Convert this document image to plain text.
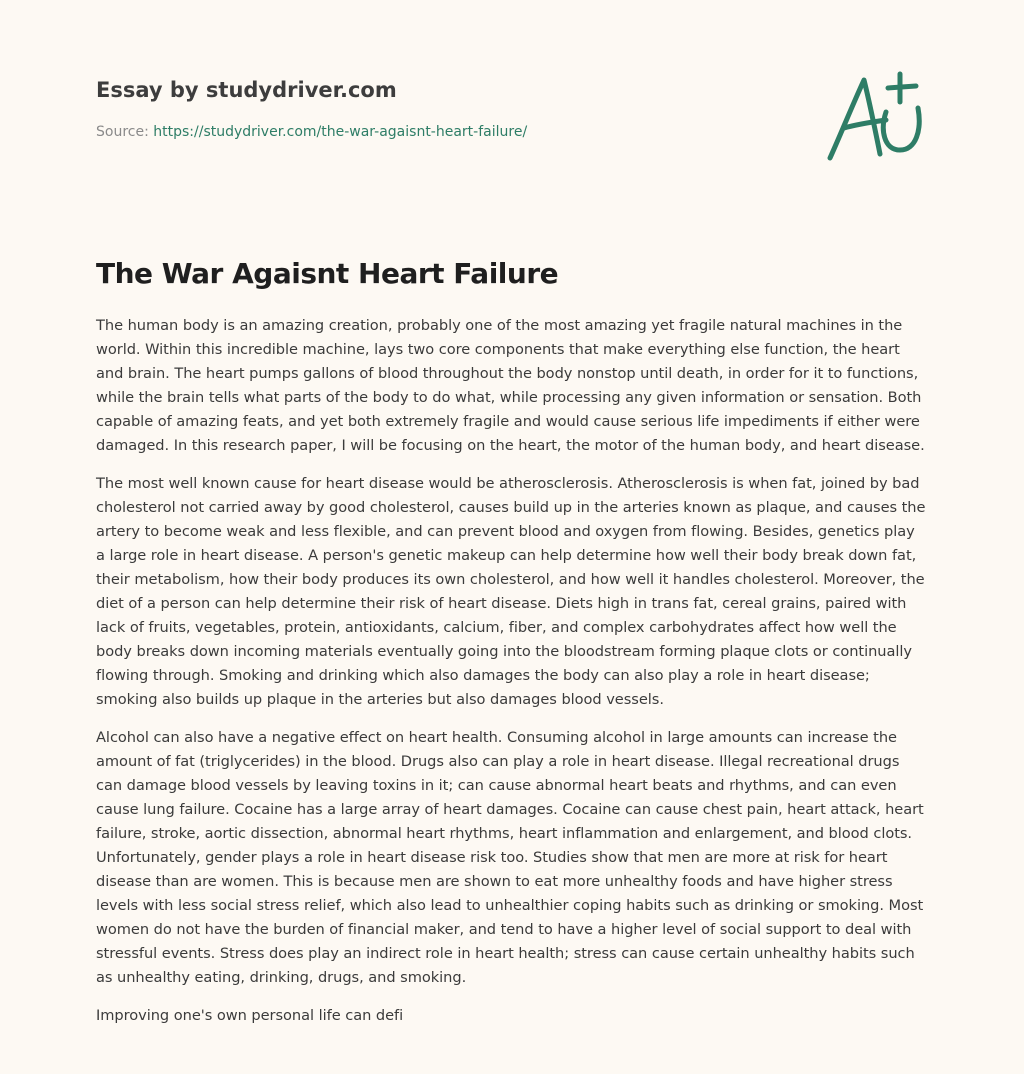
Essay by studydriver.com
Source: https://studydriver.com/the-war-agaisnt-heart-failure/
The War Agaisnt Heart Failure

The human body is an amazing creation, probably one of the most amazing yet fragile natural machines in the world. Within this incredible machine, lays two core components that make everything else function, the heart and brain. The heart pumps gallons of blood throughout the body nonstop until death, in order for it to functions, while the brain tells what parts of the body to do what, while processing any given information or sensation. Both capable of amazing feats, and yet both extremely fragile and would cause serious life impediments if either were damaged. In this research paper, I will be focusing on the heart, the motor of the human body, and heart disease.

The most well known cause for heart disease would be atherosclerosis. Atherosclerosis is when fat, joined by bad cholesterol not carried away by good cholesterol, causes build up in the arteries known as plaque, and causes the artery to become weak and less flexible, and can prevent blood and oxygen from flowing. Besides, genetics play a large role in heart disease. A person's genetic makeup can help determine how well their body break down fat, their metabolism, how their body produces its own cholesterol, and how well it handles cholesterol. Moreover, the diet of a person can help determine their risk of heart disease. Diets high in trans fat, cereal grains, paired with lack of fruits, vegetables, protein, antioxidants, calcium, fiber, and complex carbohydrates affect how well the body breaks down incoming materials eventually going into the bloodstream forming plaque clots or continually flowing through. Smoking and drinking which also damages the body can also play a role in heart disease; smoking also builds up plaque in the arteries but also damages blood vessels.

Alcohol can also have a negative effect on heart health. Consuming alcohol in large amounts can increase the amount of fat (triglycerides) in the blood. Drugs also can play a role in heart disease. Illegal recreational drugs can damage blood vessels by leaving toxins in it; can cause abnormal heart beats and rhythms, and can even cause lung failure. Cocaine has a large array of heart damages. Cocaine can cause chest pain, heart attack, heart failure, stroke, aortic dissection, abnormal heart rhythms, heart inflammation and enlargement, and blood clots. Unfortunately, gender plays a role in heart disease risk too. Studies show that men are more at risk for heart disease than are women. This is because men are shown to eat more unhealthy foods and have higher stress levels with less social stress relief, which also lead to unhealthier coping habits such as drinking or smoking. Most women do not have the burden of financial maker, and tend to have a higher level of social support to deal with stressful events. Stress does play an indirect role in heart health; stress can cause certain unhealthy habits such as unhealthy eating, drinking, drugs, and smoking.

Improving one's own personal life can defi
